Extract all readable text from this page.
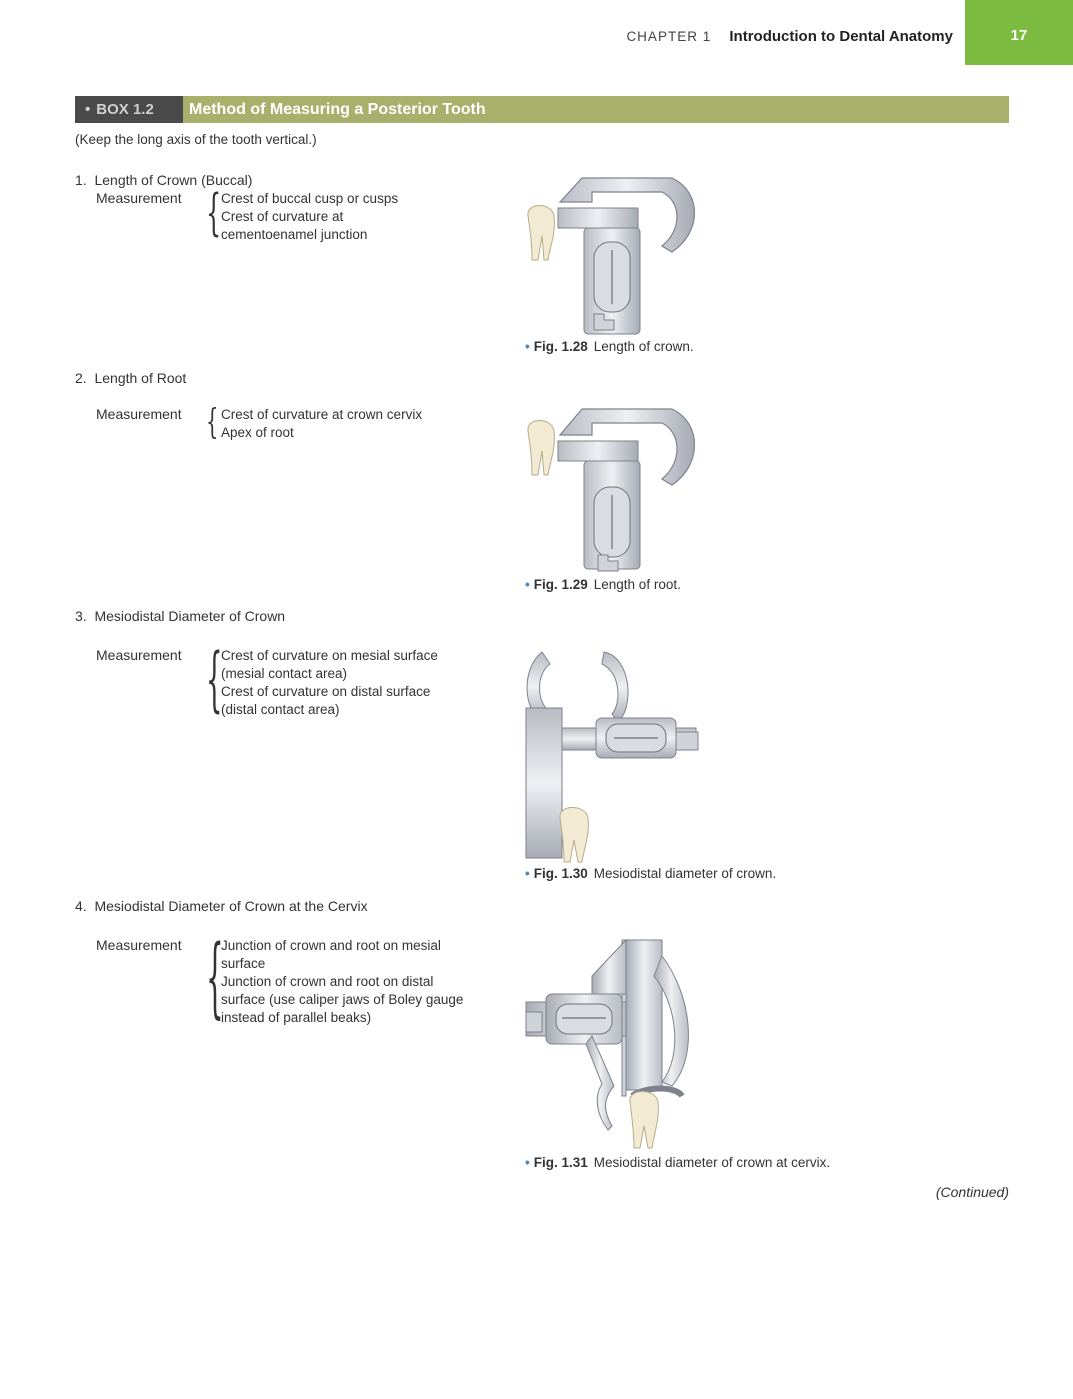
CHAPTER 1 Introduction to Dental Anatomy	17
• BOX 1.2	Method of Measuring a Posterior Tooth
(Keep the long axis of the tooth vertical.)
1. Length of Crown (Buccal)
Measurement { Crest of buccal cusp or cusps
Crest of curvature at
cementoenamel junction
• Fig. 1.28 Length of crown.
2. Length of Root
Measurement { Crest of curvature at crown cervix
Apex of root
• Fig. 1.29 Length of root.
3. Mesiodistal Diameter of Crown
Measurement {
Crest of curvature on mesial surface
(mesial contact area)
Crest of curvature on distal surface
(distal contact area)
• Fig. 1.30 Mesiodistal diameter of crown.
4. Mesiodistal Diameter of Crown at the Cervix
Measurement {
Junction of crown and root on mesial
surface
Junction of crown and root on distal
surface (use caliper jaws of Boley gauge
instead of parallel beaks)
• Fig. 1.31 Mesiodistal diameter of crown at cervix.
(Continued)
